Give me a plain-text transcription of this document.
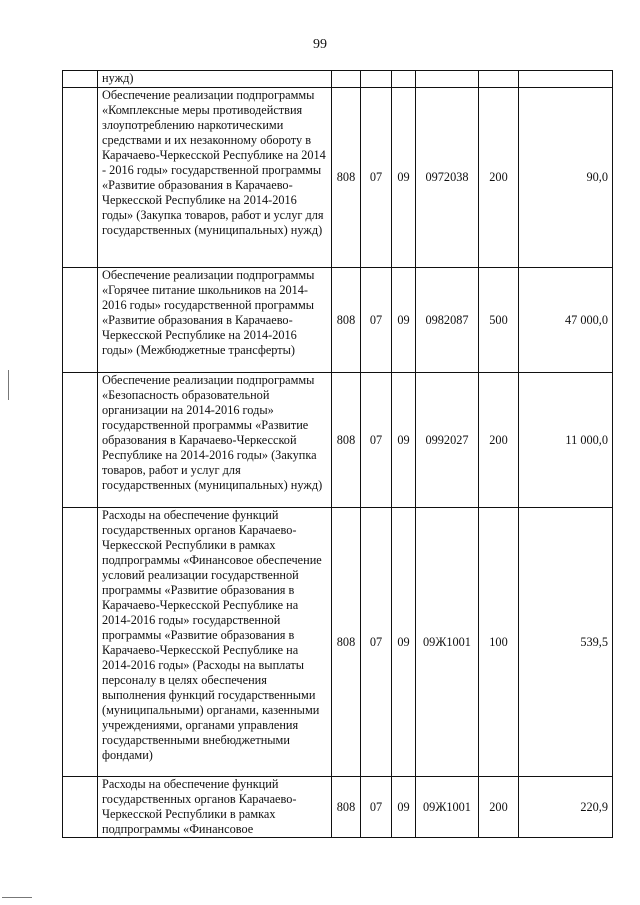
99
	нужд)						
	Обеспечение реализации подпрограммы «Комплексные меры противодействия злоупотреблению наркотическими средствами и их незаконному обороту в Карачаево-Черкесской Республике на 2014 - 2016 годы» государственной программы «Развитие образования в Карачаево-Черкесской Республике на 2014-2016 годы» (Закупка товаров, работ и услуг для государственных (муниципальных) нужд)	808	07	09	0972038	200	90,0
	Обеспечение реализации подпрограммы «Горячее питание школьников на 2014-2016 годы» государственной программы «Развитие образования в Карачаево-Черкесской Республике на 2014-2016 годы» (Межбюджетные трансферты)	808	07	09	0982087	500	47 000,0
	Обеспечение реализации подпрограммы «Безопасность образовательной организации на 2014-2016 годы» государственной программы «Развитие образования в Карачаево-Черкесской Республике на 2014-2016 годы» (Закупка товаров, работ и услуг для государственных (муниципальных) нужд)	808	07	09	0992027	200	11 000,0
	Расходы на обеспечение функций государственных органов Карачаево-Черкесской Республики в рамках подпрограммы «Финансовое обеспечение условий реализации государственной программы «Развитие образования в Карачаево-Черкесской Республике на 2014-2016 годы» государственной программы «Развитие образования в Карачаево-Черкесской Республике на 2014-2016 годы» (Расходы на выплаты персоналу в целях обеспечения выполнения функций государственными (муниципальными) органами, казенными учреждениями, органами управления государственными внебюджетными фондами)	808	07	09	09Ж1001	100	539,5
	Расходы на обеспечение функций государственных органов Карачаево-Черкесской Республики в рамках подпрограммы «Финансовое	808	07	09	09Ж1001	200	220,9
